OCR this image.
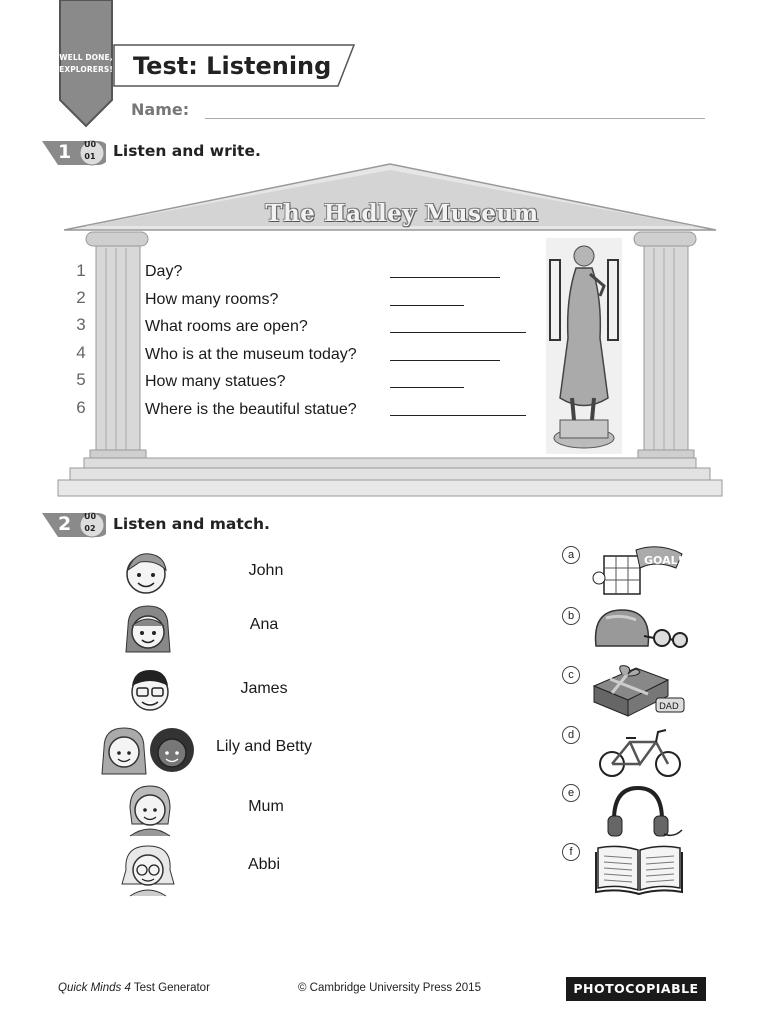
WELL DONE,
EXPLORERS! Test: Listening
Name:
1	U0
01 Listen and write.
The Hadley Museum
1	Day?
2	How many rooms?
3	What rooms are open?
4	Who is at the museum today?
5	How many statues?
6	Where is the beautiful statue?
2	U0
02 Listen and match.
John
Ana
James
Lily and Betty
Mum
Abbi
a	GOAL!
b
c
DAD
d
e
f
Quick Minds 4 Test Generator	© Cambridge University Press 2015	PHOTOCOPIABLE
